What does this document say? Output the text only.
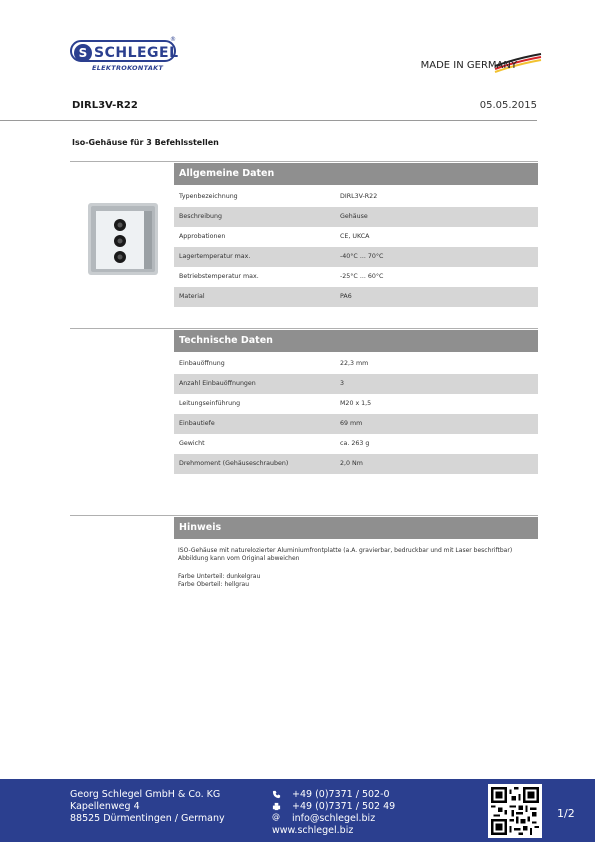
S SCHLEGEL
®
ELEKTROKONTAKT	MADE IN GERMANY
DIRL3V-R22	05.05.2015
Iso-Gehäuse für 3 Befehlsstellen
Allgemeine Daten
Typenbezeichnung	DIRL3V-R22
Beschreibung	Gehäuse
Approbationen	CE, UKCA
Lagertemperatur max.	-40°C ... 70°C
Betriebstemperatur max.	-25°C ... 60°C
Material	PA6
Technische Daten
Einbauöffnung	22,3 mm
Anzahl Einbauöffnungen	3
Leitungseinführung	M20 x 1,5
Einbautiefe	69 mm
Gewicht	ca. 263 g
Drehmoment (Gehäuseschrauben)	2,0 Nm
Hinweis
ISO-Gehäuse mit naturelozierter Aluminiumfrontplatte (a.A. gravierbar, bedruckbar und mit Laser beschriftbar)
Abbildung kann vom Original abweichen
Farbe Unterteil: dunkelgrau
Farbe Oberteil: hellgrau
Georg Schlegel GmbH & Co. KG
Kapellenweg 4
88525 Dürmentingen / Germany	@
+49 (0)7371 / 502-0
+49 (0)7371 / 502 49
info@schlegel.biz
www.schlegel.biz
1/2
